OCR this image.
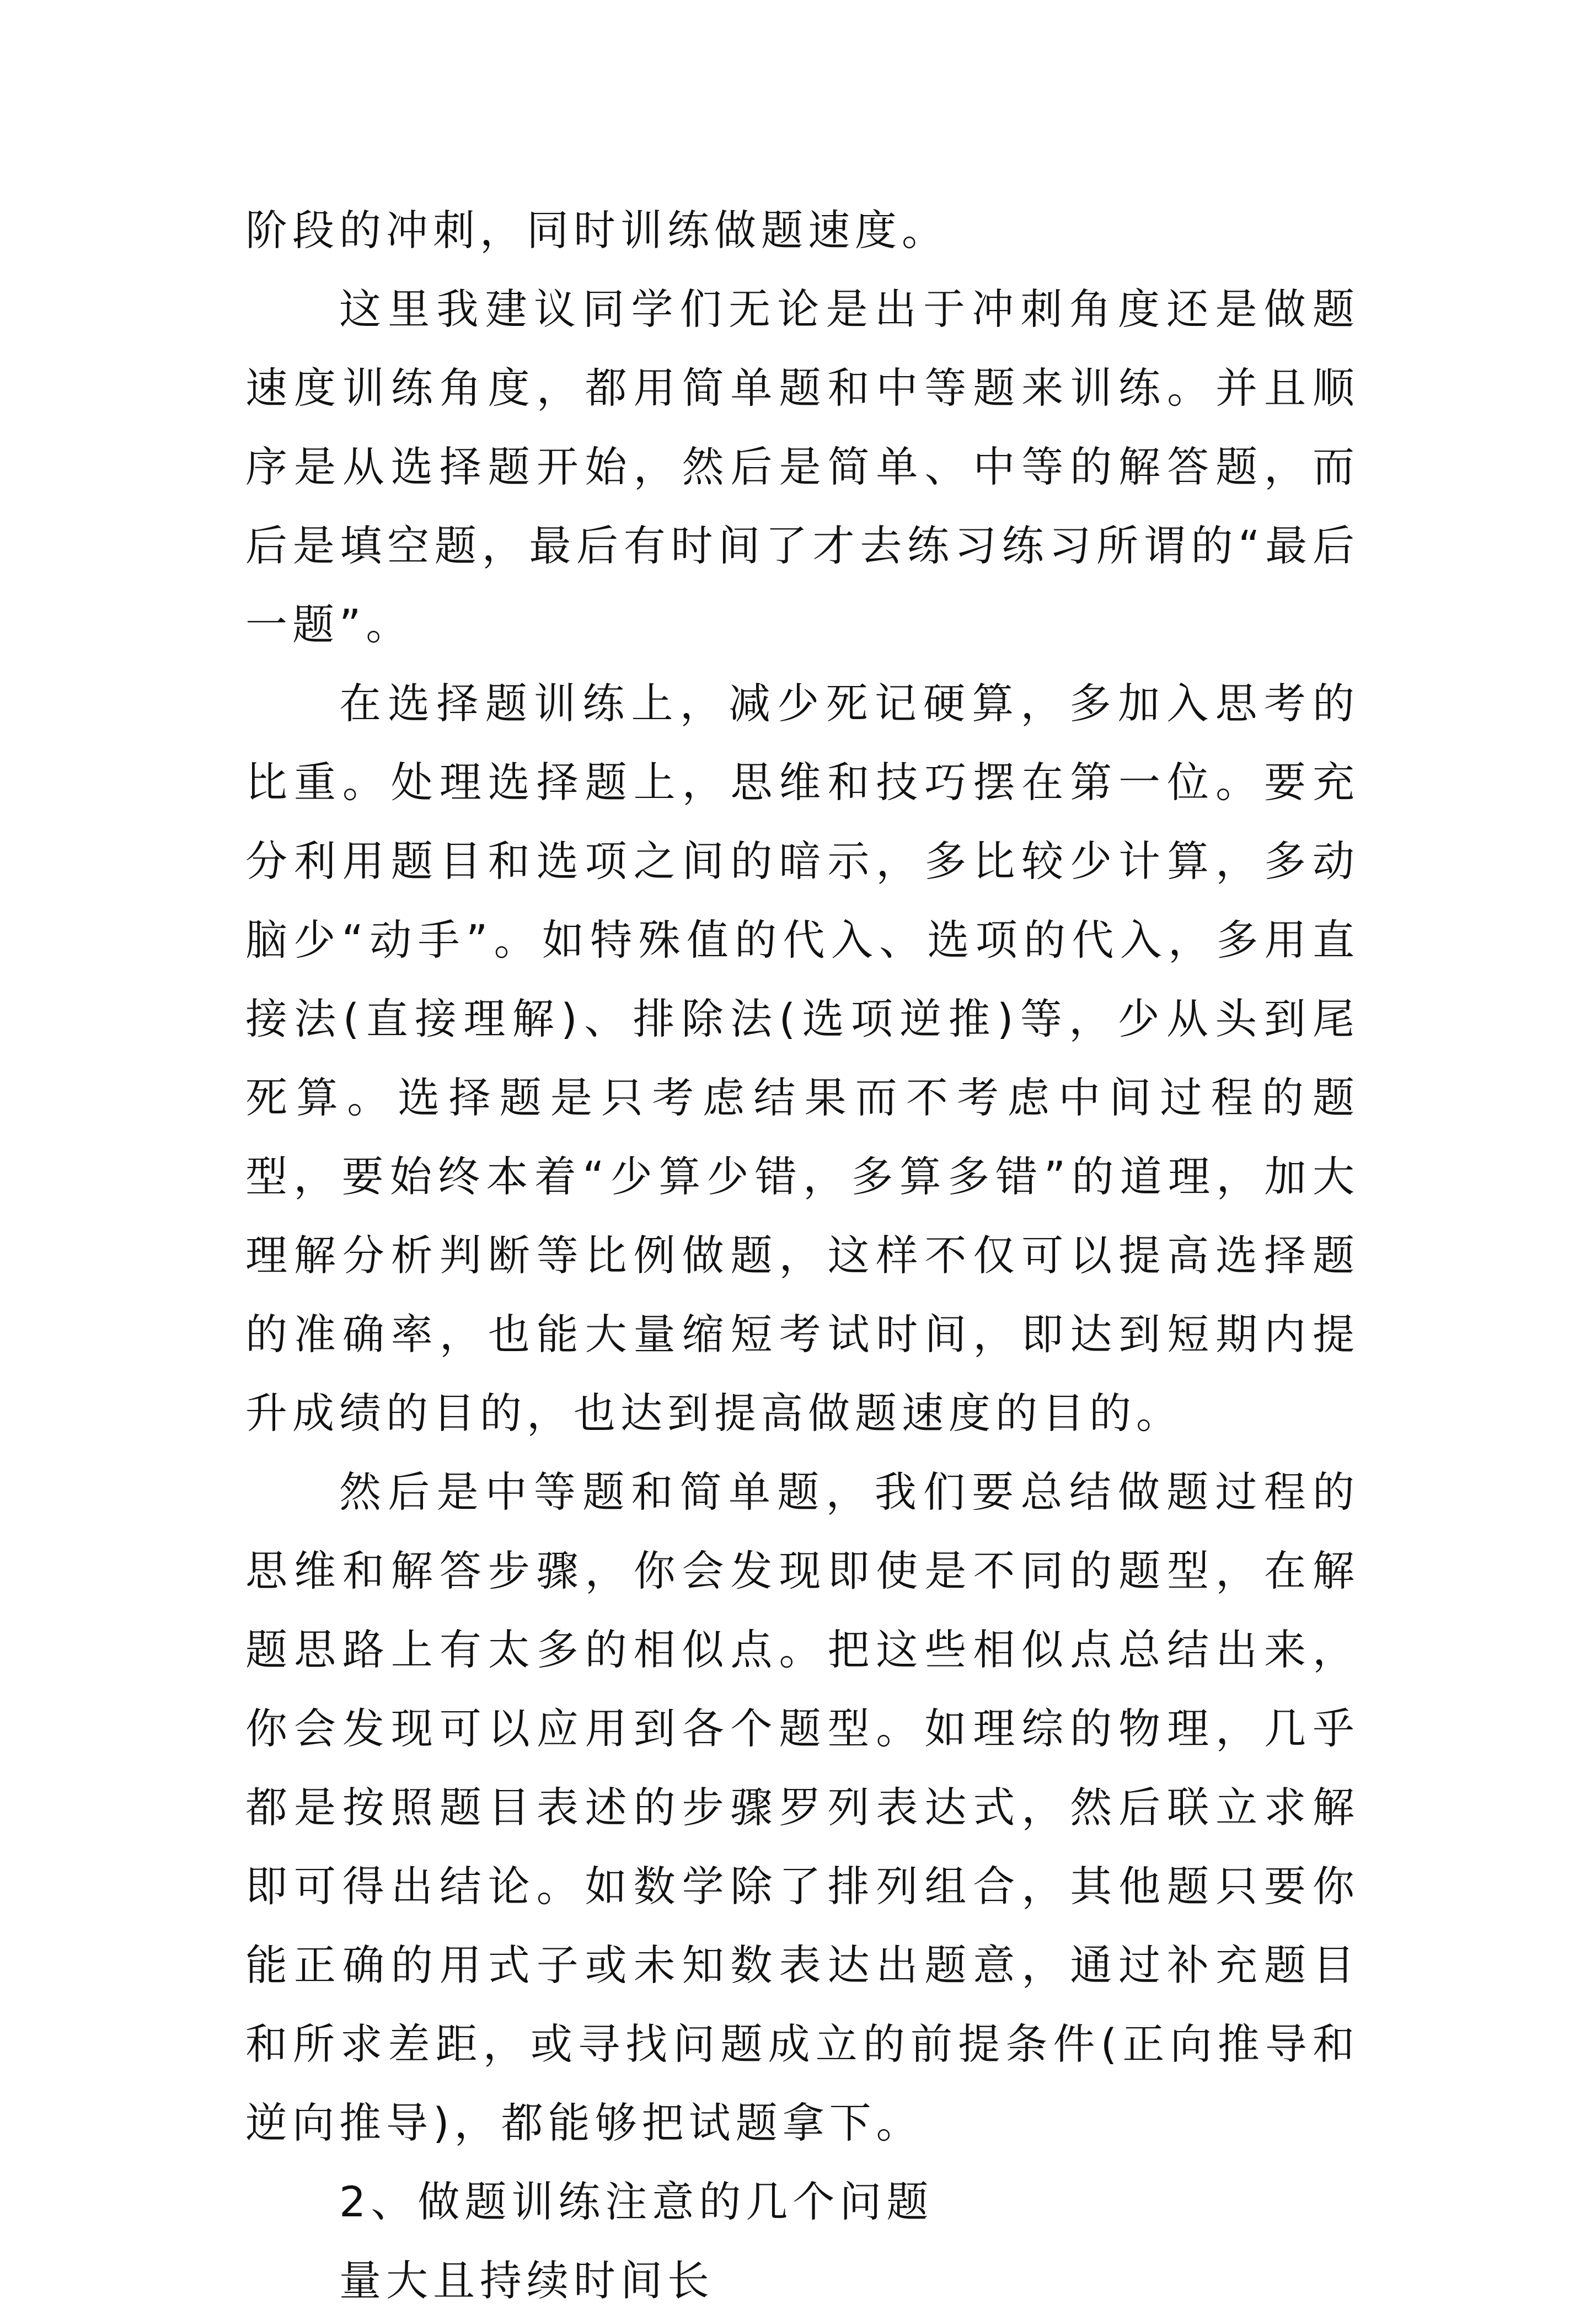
阶段的冲刺，同时训练做题速度。

这里我建议同学们无论是出于冲刺角度还是做题速度训练角度，都用简单题和中等题来训练。并且顺序是从选择题开始，然后是简单、中等的解答题，而后是填空题，最后有时间了才去练习练习所谓的“最后一题”。

在选择题训练上，减少死记硬算，多加入思考的比重。处理选择题上，思维和技巧摆在第一位。要充分利用题目和选项之间的暗示，多比较少计算，多动脑少“动手”。如特殊值的代入、选项的代入，多用直接法(直接理解)、排除法(选项逆推)等，少从头到尾死算。选择题是只考虑结果而不考虑中间过程的题型，要始终本着“少算少错，多算多错”的道理，加大理解分析判断等比例做题，这样不仅可以提高选择题的准确率，也能大量缩短考试时间，即达到短期内提升成绩的目的，也达到提高做题速度的目的。

然后是中等题和简单题，我们要总结做题过程的思维和解答步骤，你会发现即使是不同的题型，在解题思路上有太多的相似点。把这些相似点总结出来，你会发现可以应用到各个题型。如理综的物理，几乎都是按照题目表述的步骤罗列表达式，然后联立求解即可得出结论。如数学除了排列组合，其他题只要你能正确的用式子或未知数表达出题意，通过补充题目和所求差距，或寻找问题成立的前提条件(正向推导和逆向推导)，都能够把试题拿下。

2、做题训练注意的几个问题

量大且持续时间长
